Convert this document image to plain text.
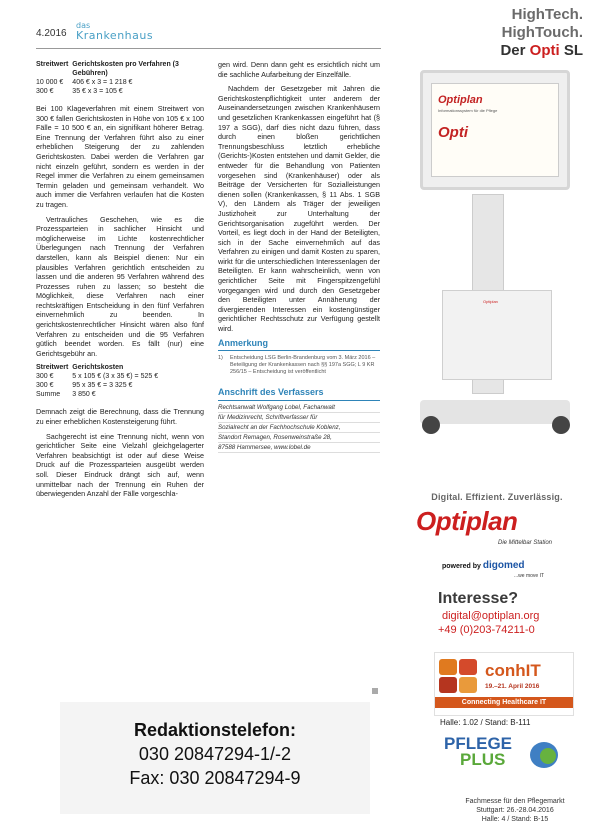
4.2016
das
Krankenhaus
Streitwert	Gerichtskosten pro Verfahren (3 Gebühren)
10 000 €	406 € x 3 = 1 218 €
300 €	35 € x 3 = 105 €

Bei 100 Klageverfahren mit einem Streitwert von 300 € fallen Gerichtskosten in Höhe von 105 € x 100 Fälle = 10 500 € an, ein signifikant höherer Betrag. Eine Trennung der Verfahren führt also zu einer erheblichen Steigerung der zu zahlenden Gerichtskosten. Dabei werden die Verfahren gar nicht einzeln geführt, sondern es werden in der Regel immer die Verfahren zu einem gemeinsamen Termin geladen und gemeinsam verhandelt. Wo auch immer die Verfahren verlaufen hat die Kosten zu tragen.

Vertrauliches Geschehen, wie es die Prozessparteien in sachlicher Hinsicht und möglicherweise im Lichte kostenrechtlicher Überlegungen nach Trennung der Verfahren darstellen, kann als Beispiel dienen: Nur ein plausibles Verfahren gerichtlich entscheiden zu lassen und die anderen 95 Verfahren während des Prozesses ruhen zu lassen; so besteht die Möglichkeit, diese Verfahren nach einer rechtskräftigen Entscheidung in den fünf Verfahren einvernehmlich zu beenden. In gerichtskostenrechtlicher Hinsicht wären also fünf Verfahren zu entscheiden und die 95 Verfahren gütlich beendet worden. Es fällt (nur) eine Gerichtsgebühr an.

Streitwert	Gerichtskosten
300 €	5 x 105 € (3 x 35 €) = 525 €
300 €	95 x 35 € = 3 325 €
Summe	3 850 €

Demnach zeigt die Berechnung, dass die Trennung zu einer erheblichen Kostensteigerung führt.

Sachgerecht ist eine Trennung nicht, wenn von gerichtlicher Seite eine Vielzahl gleichgelagerter Verfahren beabsichtigt ist oder auf diese Weise Druck auf die Prozessparteien ausgeübt werden soll. Dieser Eindruck drängt sich auf, wenn unmittelbar nach der Trennung ein Ruhen der überwiegenden Anzahl der Fälle vorgeschla-

gen wird. Denn dann geht es ersichtlich nicht um die sachliche Aufarbeitung der Einzelfälle.

Nachdem der Gesetzgeber mit Jahren die Gerichtskostenpflichtigkeit unter anderem der Auseinandersetzungen zwischen Krankenhäusern und gesetzlichen Krankenkassen eingeführt hat (§ 197 a SGG), darf dies nicht dazu führen, dass durch einen bloßen gerichtlichen Trennungsbeschluss letztlich erhebliche (Gerichts-)Kosten entstehen und damit Gelder, die entweder für die Behandlung von Patienten vorgesehen sind (Krankenhäuser) oder als Beiträge der Versicherten für Sozialleistungen dienen sollen (Krankenkassen, § 11 Abs. 1 SGB V), den Ländern als Träger der jeweiligen Justizhoheit zur Unterhaltung der Gerichtsorganisation zugeführt werden. Der Vorteil, es liegt doch in der Hand der Beteiligten, sich in der Sache einvernehmlich auf das Verfahren zu einigen und damit Kosten zu sparen, wirkt für die unterschiedlichen Interessenlagen der Beteiligten. Er kann wahrscheinlich, wenn von gerichtlicher Seite mit Fingerspitzengefühl vorgegangen wird und durch den Gesetzgeber den Beteiligten unter Annäherung der divergierenden Interessen ein kostengünstiger gerichtlicher Rechtsschutz zur Verfügung gestellt wird.

Anmerkung
1)	Entscheidung LSG Berlin-Brandenburg vom 3. März 2016 – Beteiligung der Krankenkassen nach §§ 197a SGG; L 9 KR 256/15 – Entscheidung ist veröffentlicht
Anschrift des Verfassers
Rechtsanwalt Wolfgang Lobel, Fachanwalt
für Medizinrecht, Schriftverfasser für
Sozialrecht an der Fachhochschule Koblenz,
Standort Remagen, Rosenweinstraße 28,
87588 Hammersee, www.lobel.de
Redaktionstelefon:
030 20847294-1/-2
Fax: 030 20847294-9
HighTech.
HighTouch.
Der Opti SL
Optiplan
Informationssystem für die Pflege
Opti
Optiplan
Digital. Effizient. Zuverlässig.
Optiplan
Die Mittelbar Station
powered by digomed
...we move IT
Interesse?
digital@optiplan.org
+49 (0)203-74211-0
conhIT
19.–21. April 2016
Connecting Healthcare IT
Halle: 1.02 / Stand: B-111
PFLEGE
PLUS
Fachmesse für den Pflegemarkt
Stuttgart: 26.-28.04.2016
Halle: 4 / Stand: B-15
